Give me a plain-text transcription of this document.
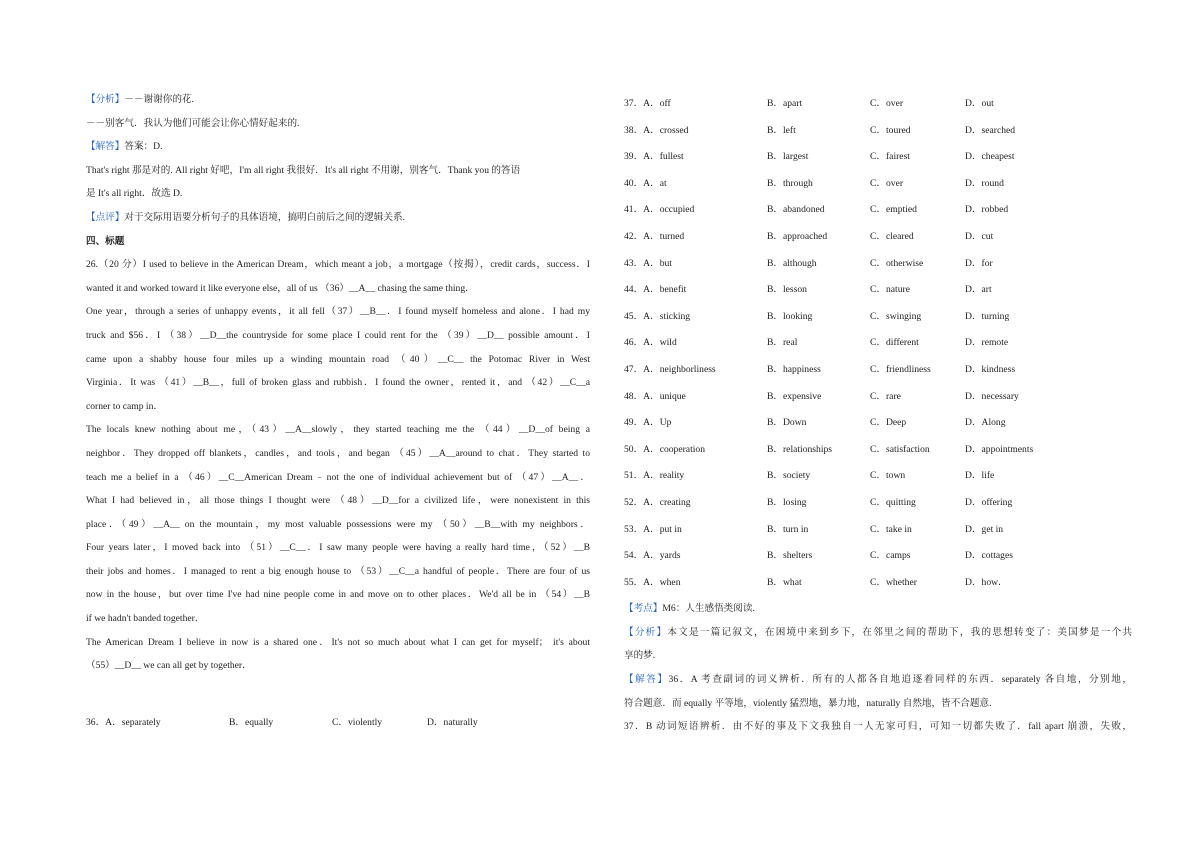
【分析】－－谢谢你的花.
－－别客气．我认为他们可能会让你心情好起来的.
【解答】答案：D.
That's right 那是对的. All right 好吧，I'm all right 我很好．It's all right 不用谢，别客气．Thank you 的答语
是 It's all right．故选 D.
【点评】对于交际用语要分析句子的具体语境，搞明白前后之间的逻辑关系.
四、标题
26.（20 分）I used to believe in the American Dream，which meant a job，a mortgage（按揭），credit cards，success．I
wanted it and worked toward it like everyone else，all of us （36）__A__ chasing the same thing．
One year，through a series of unhappy events，it all fell（37）__B__．I found myself homeless and alone．I had my
truck and $56．I （38）__D__the countryside for some place I could rent for the （39）__D__ possible amount．I
came upon a shabby house four miles up a winding mountain road （40）__C__ the Potomac River in West
Virginia．It was （41）__B__，full of broken glass and rubbish．I found the owner，rented it，and （42）__C__a
corner to camp in．
The locals knew nothing about me，（43）__A__slowly，they started teaching me the （44）__D__of being a
neighbor．They dropped off blankets，candles，and tools，and began （45）__A__around to chat．They started to
teach me a belief in a （46）__C__American Dream﹣not the one of individual achievement but of （47）__A__．
What I had believed in，all those things I thought were （48）__D__for a civilized life，were nonexistent in this
place．（49）__A__ on the mountain，my most valuable possessions were my （50）__B__with my neighbors．
Four years later，I moved back into （51）__C__．I saw many people were having a really hard time，（52）__B
their jobs and homes．I managed to rent a big enough house to （53）__C__a handful of people．There are four of us
now in the house，but over time I've had nine people come in and move on to other places．We'd all be in （54）__B
if we hadn't banded together．
The American Dream I believe in now is a shared one．It's not so much about what I can get for myself； it's about
（55）__D__ we can all get by together．
36．A．separately	B．equally	C．violently	D．naturally
37．A．off	B．apart	C．over	D．out
38．A．crossed	B．left	C．toured	D．searched
39．A．fullest	B．largest	C．fairest	D．cheapest
40．A．at	B．through	C．over	D．round
41．A．occupied	B．abandoned	C．emptied	D．robbed
42．A．turned	B．approached	C．cleared	D．cut
43．A．but	B．although	C．otherwise	D．for
44．A．benefit	B．lesson	C．nature	D．art
45．A．sticking	B．looking	C．swinging	D．turning
46．A．wild	B．real	C．different	D．remote
47．A．neighborliness	B．happiness	C．friendliness	D．kindness
48．A．unique	B．expensive	C．rare	D．necessary
49．A．Up	B．Down	C．Deep	D．Along
50．A．cooperation	B．relationships	C．satisfaction	D．appointments
51．A．reality	B．society	C．town	D．life
52．A．creating	B．losing	C．quitting	D．offering
53．A．put in	B．turn in	C．take in	D．get in
54．A．yards	B．shelters	C．camps	D．cottages
55．A．when	B．what	C．whether	D．how．
【考点】M6：人生感悟类阅读.
【分析】本文是一篇记叙文，在困境中来到乡下，在邻里之间的帮助下，我的思想转变了：美国梦是一个共
享的梦.
【解答】36．A 考查副词的词义辨析．所有的人都各自地追逐着同样的东西．separately 各自地，分别地，
符合题意．而 equally 平等地，violently 猛烈地，暴力地，naturally 自然地，皆不合题意.
37．B 动词短语辨析．由不好的事及下文我独自一人无家可归，可知一切都失败了．fall apart 崩溃，失败，
